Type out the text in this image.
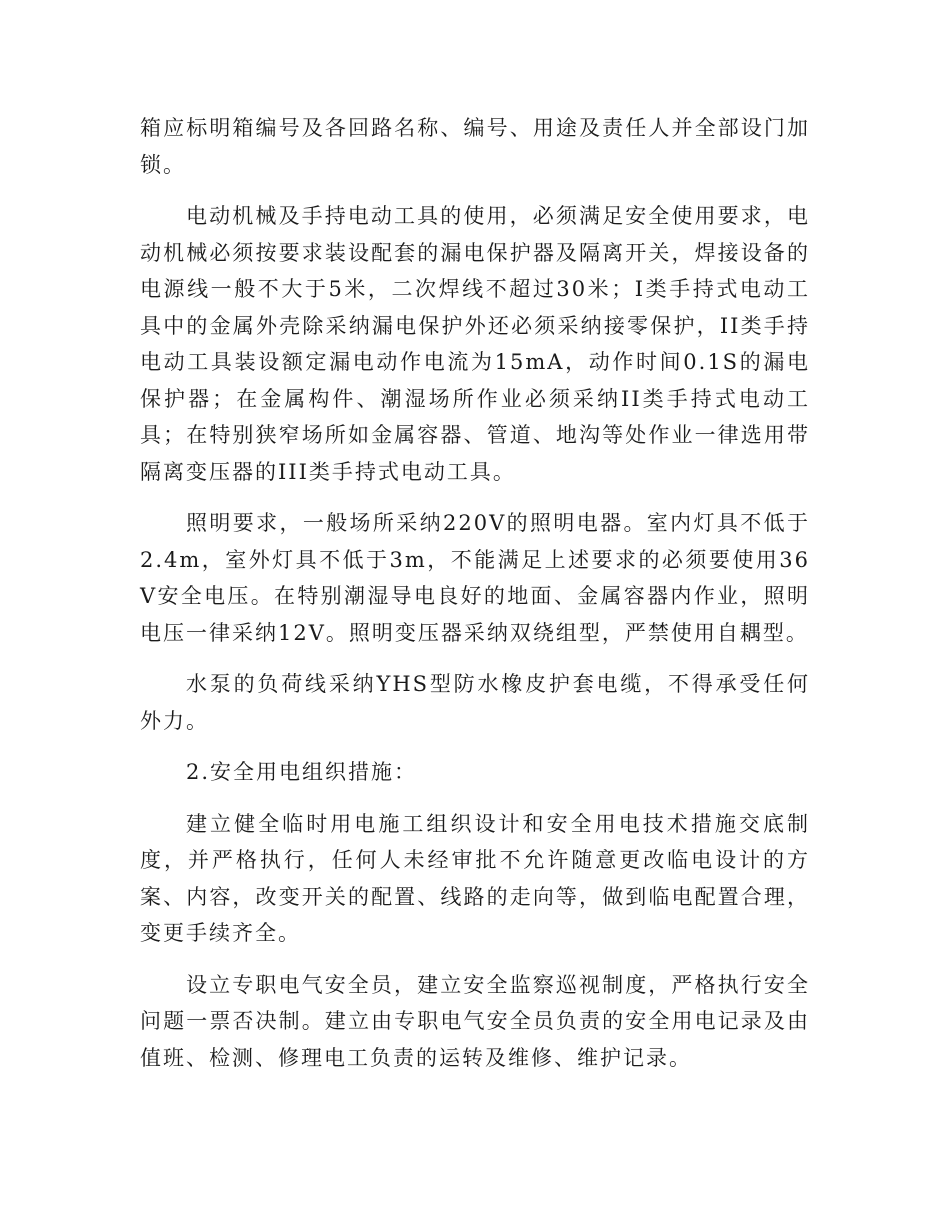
箱应标明箱编号及各回路名称、编号、用途及责任人并全部设门加锁。

电动机械及手持电动工具的使用，必须满足安全使用要求，电动机械必须按要求装设配套的漏电保护器及隔离开关，焊接设备的电源线一般不大于5米，二次焊线不超过30米；Ⅰ类手持式电动工具中的金属外壳除采纳漏电保护外还必须采纳接零保护，II类手持电动工具装设额定漏电动作电流为15mA，动作时间0.1S的漏电保护器；在金属构件、潮湿场所作业必须采纳II类手持式电动工具；在特别狭窄场所如金属容器、管道、地沟等处作业一律选用带隔离变压器的III类手持式电动工具。

照明要求，一般场所采纳220V的照明电器。室内灯具不低于2.4m，室外灯具不低于3m，不能满足上述要求的必须要使用36V安全电压。在特别潮湿导电良好的地面、金属容器内作业，照明电压一律采纳12V。照明变压器采纳双绕组型，严禁使用自耦型。

水泵的负荷线采纳YHS型防水橡皮护套电缆，不得承受任何外力。

2.安全用电组织措施：

建立健全临时用电施工组织设计和安全用电技术措施交底制度，并严格执行，任何人未经审批不允许随意更改临电设计的方案、内容，改变开关的配置、线路的走向等，做到临电配置合理，变更手续齐全。

设立专职电气安全员，建立安全监察巡视制度，严格执行安全问题一票否决制。建立由专职电气安全员负责的安全用电记录及由值班、检测、修理电工负责的运转及维修、维护记录。
